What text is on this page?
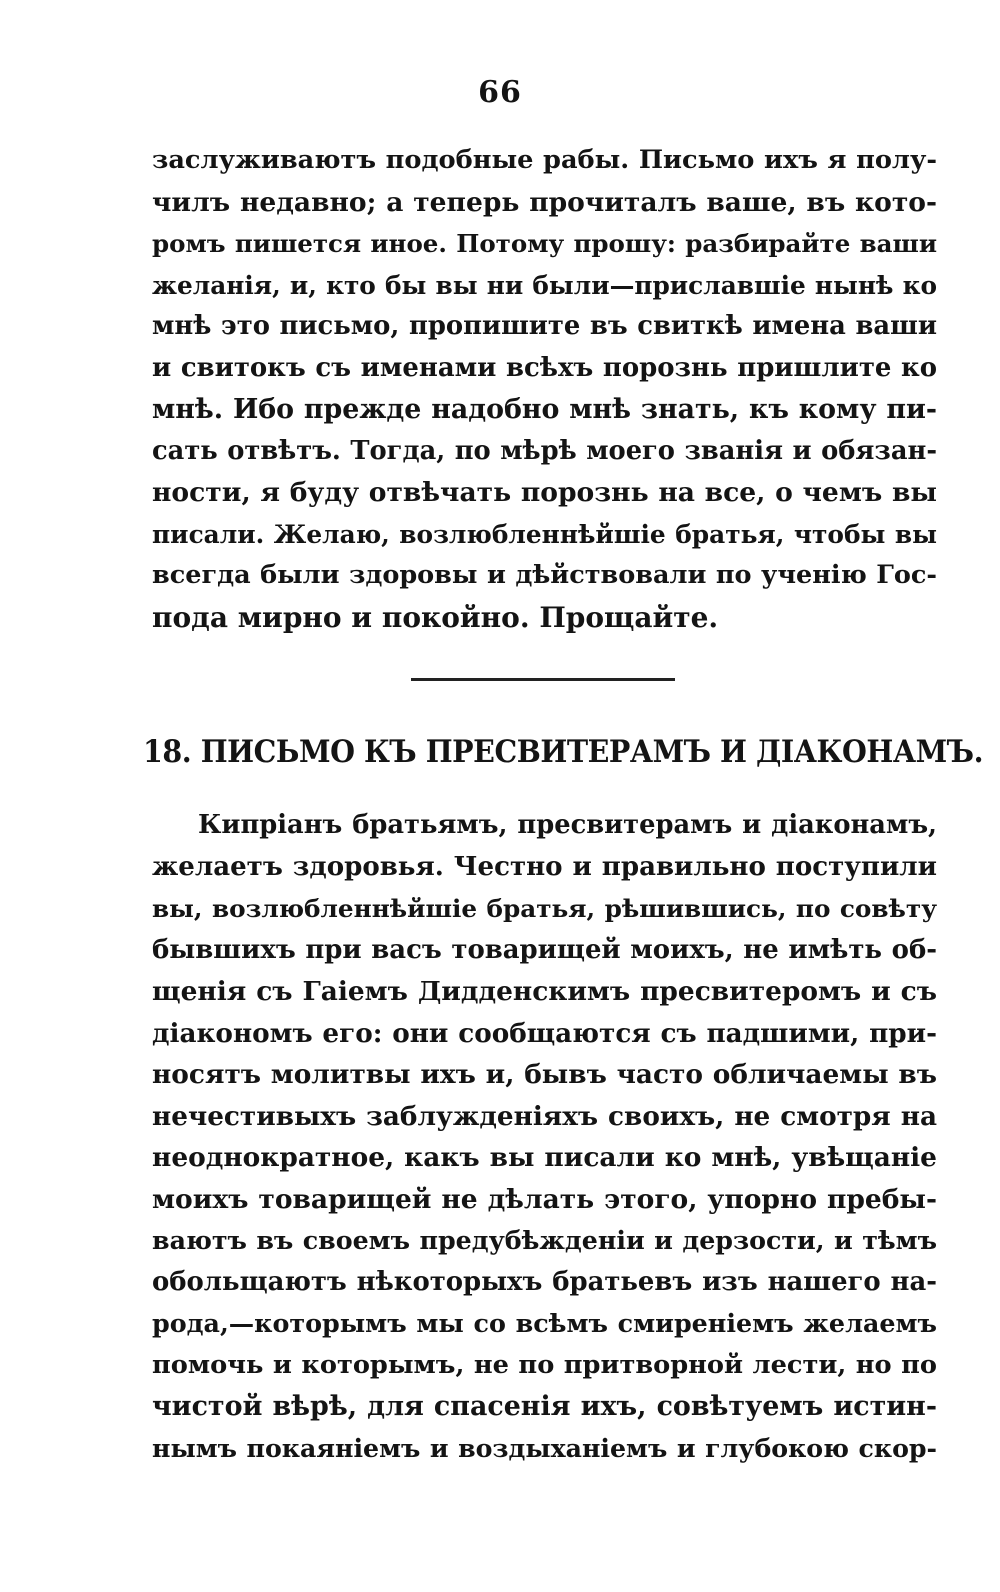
66
заслуживаютъ подобные рабы. Письмо ихъ я полу-
чилъ недавно; а теперь прочиталъ ваше, въ кото-
ромъ пишется иное. Потому прошу: разбирайте ваши
желанія, и, кто бы вы ни были—приславшіе нынѣ ко
мнѣ это письмо, пропишите въ свиткѣ имена ваши
и свитокъ съ именами всѣхъ порознь пришлите ко
мнѣ. Ибо прежде надобно мнѣ знать, къ кому пи-
сать отвѣтъ. Тогда, по мѣрѣ моего званія и обязан-
ности, я буду отвѣчать порознь на все, о чемъ вы
писали. Желаю, возлюбленнѣйшіе братья, чтобы вы
всегда были здоровы и дѣйствовали по ученію Гос-
пода мирно и покойно. Прощайте.
18. ПИСЬМО КЪ ПРЕСВИТЕРАМЪ И ДІАКОНАМЪ.
Кипріанъ братьямъ, пресвитерамъ и діаконамъ,
желаетъ здоровья. Честно и правильно поступили
вы, возлюбленнѣйшіе братья, рѣшившись, по совѣту
бывшихъ при васъ товарищей моихъ, не имѣть об-
щенія съ Гаіемъ Дидденскимъ пресвитеромъ и съ
діакономъ его: они сообщаются съ падшими, при-
носятъ молитвы ихъ и, бывъ часто обличаемы въ
нечестивыхъ заблужденіяхъ своихъ, не смотря на
неоднократное, какъ вы писали ко мнѣ, увѣщаніе
моихъ товарищей не дѣлать этого, упорно пребы-
ваютъ въ своемъ предубѣжденіи и дерзости, и тѣмъ
обольщаютъ нѣкоторыхъ братьевъ изъ нашего на-
рода,—которымъ мы со всѣмъ смиреніемъ желаемъ
помочь и которымъ, не по притворной лести, но по
чистой вѣрѣ, для спасенія ихъ, совѣтуемъ истин-
нымъ покаяніемъ и воздыханіемъ и глубокою скор-
